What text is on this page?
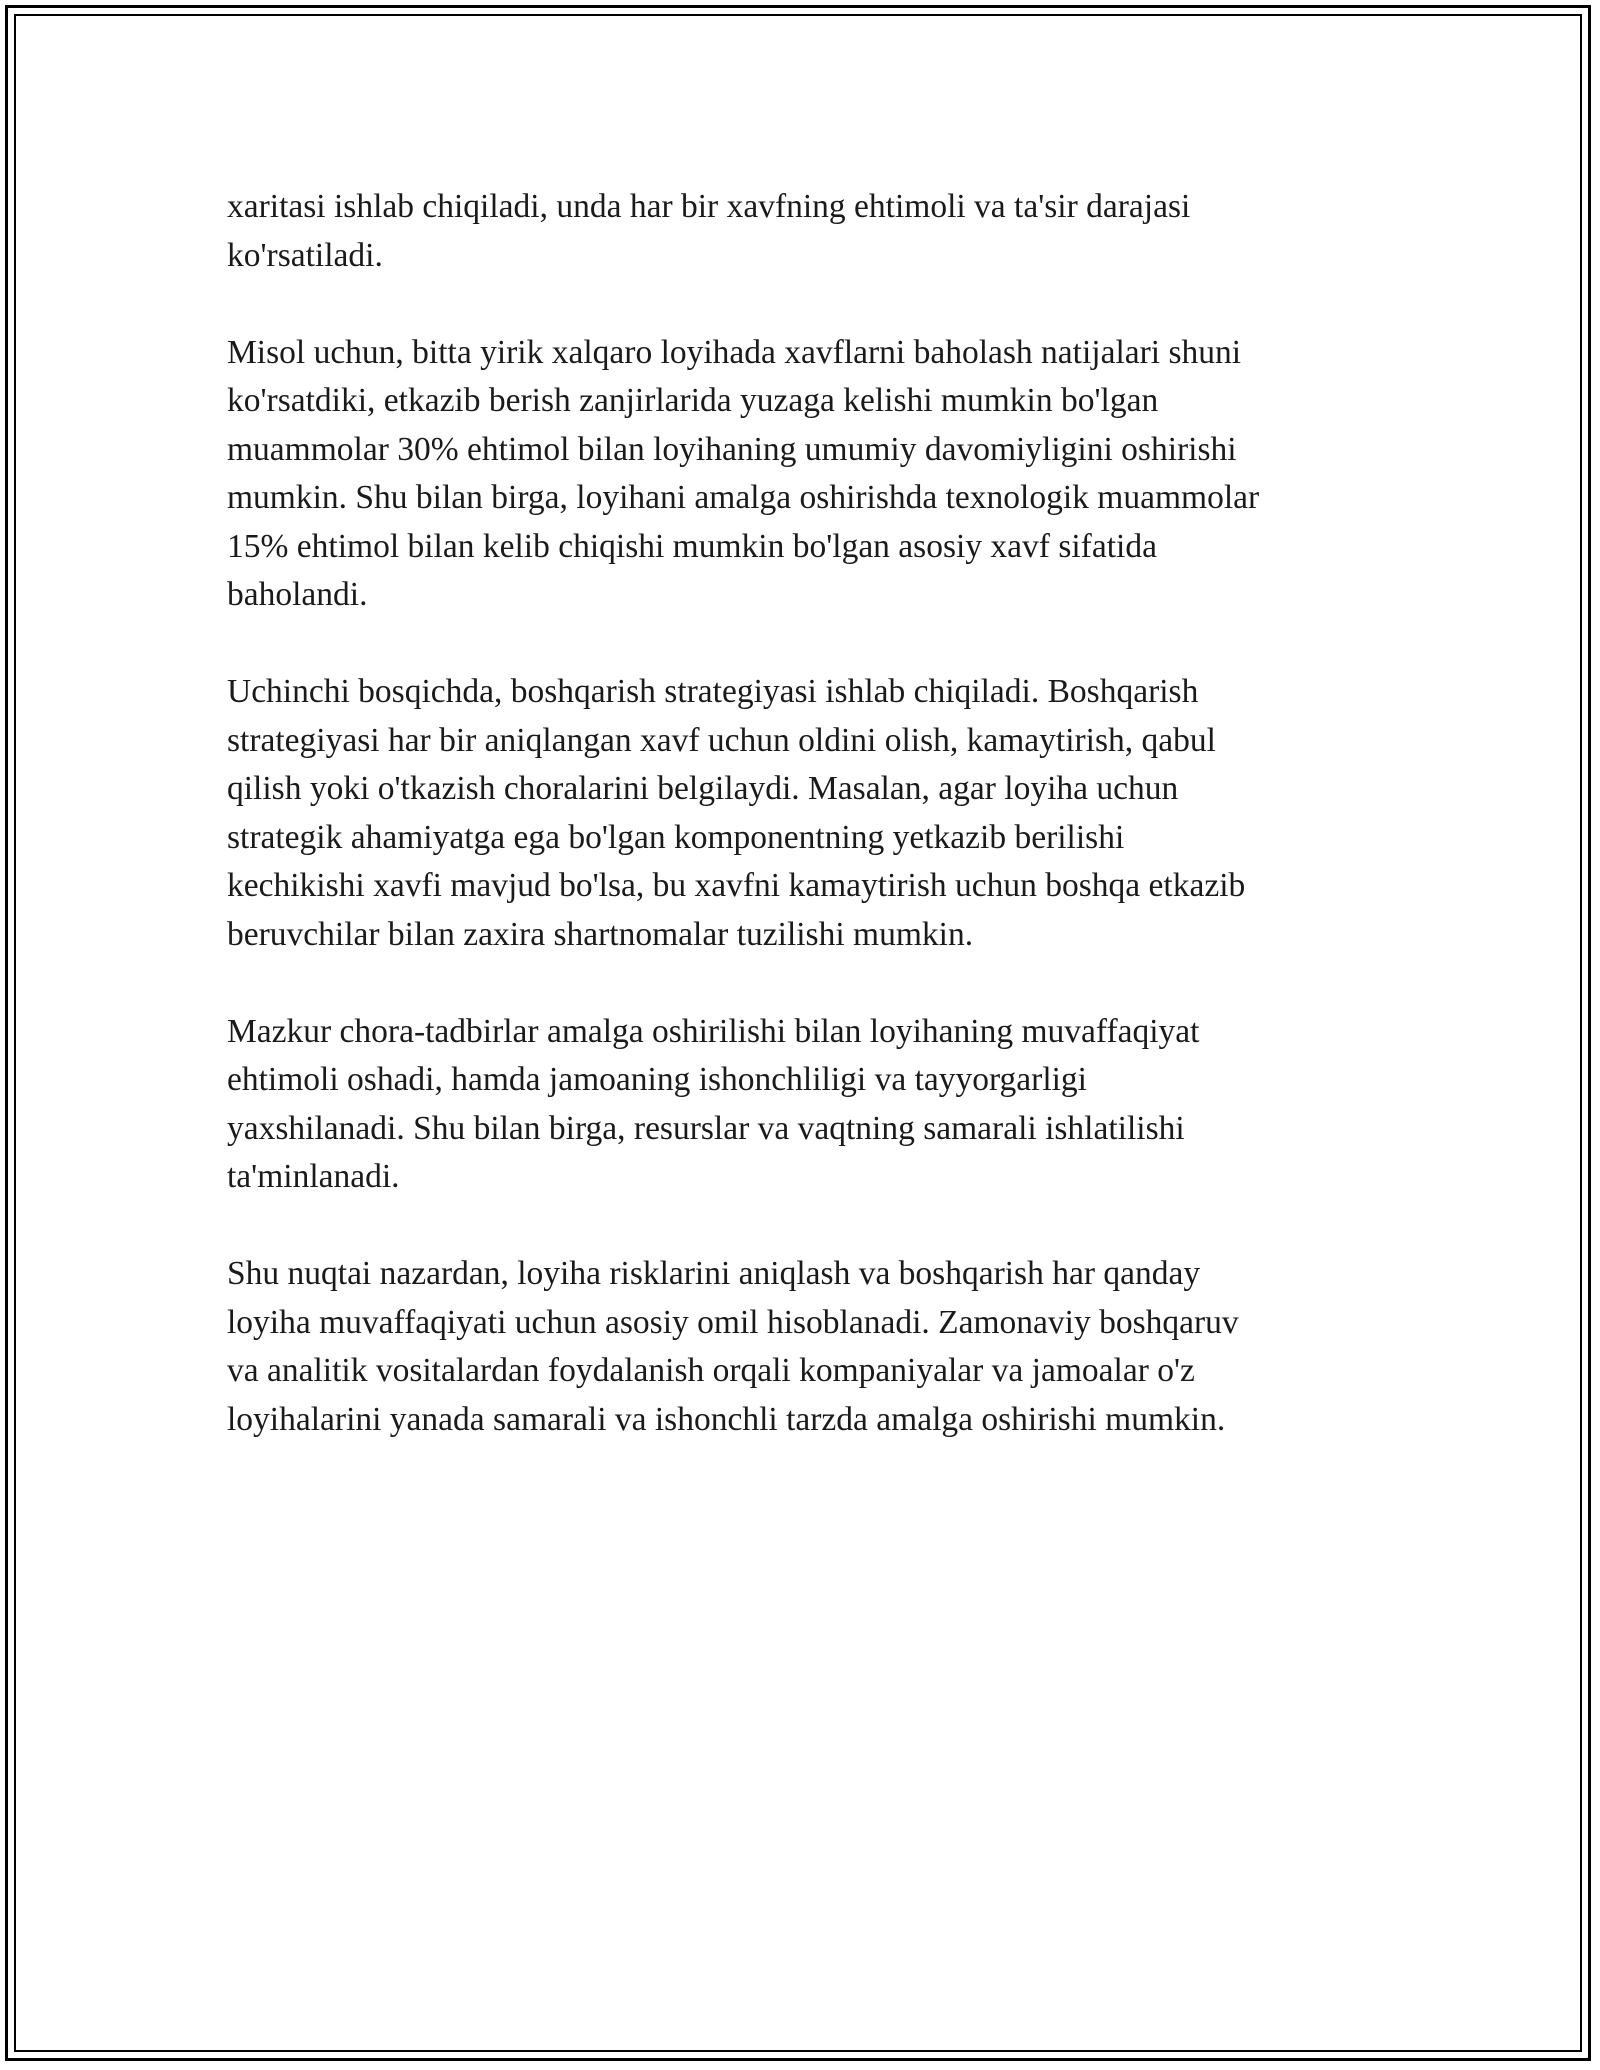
xaritasi ishlab chiqiladi, unda har bir xavfning ehtimoli va ta'sir darajasi
ko'rsatiladi.

Misol uchun, bitta yirik xalqaro loyihada xavflarni baholash natijalari shuni
ko'rsatdiki, etkazib berish zanjirlarida yuzaga kelishi mumkin bo'lgan
muammolar 30% ehtimol bilan loyihaning umumiy davomiyligini oshirishi
mumkin. Shu bilan birga, loyihani amalga oshirishda texnologik muammolar
15% ehtimol bilan kelib chiqishi mumkin bo'lgan asosiy xavf sifatida
baholandi.

Uchinchi bosqichda, boshqarish strategiyasi ishlab chiqiladi. Boshqarish
strategiyasi har bir aniqlangan xavf uchun oldini olish, kamaytirish, qabul
qilish yoki o'tkazish choralarini belgilaydi. Masalan, agar loyiha uchun
strategik ahamiyatga ega bo'lgan komponentning yetkazib berilishi
kechikishi xavfi mavjud bo'lsa, bu xavfni kamaytirish uchun boshqa etkazib
beruvchilar bilan zaxira shartnomalar tuzilishi mumkin.

Mazkur chora-tadbirlar amalga oshirilishi bilan loyihaning muvaffaqiyat
ehtimoli oshadi, hamda jamoaning ishonchliligi va tayyorgarligi
yaxshilanadi. Shu bilan birga, resurslar va vaqtning samarali ishlatilishi
ta'minlanadi.

Shu nuqtai nazardan, loyiha risklarini aniqlash va boshqarish har qanday
loyiha muvaffaqiyati uchun asosiy omil hisoblanadi. Zamonaviy boshqaruv
va analitik vositalardan foydalanish orqali kompaniyalar va jamoalar o'z
loyihalarini yanada samarali va ishonchli tarzda amalga oshirishi mumkin.
